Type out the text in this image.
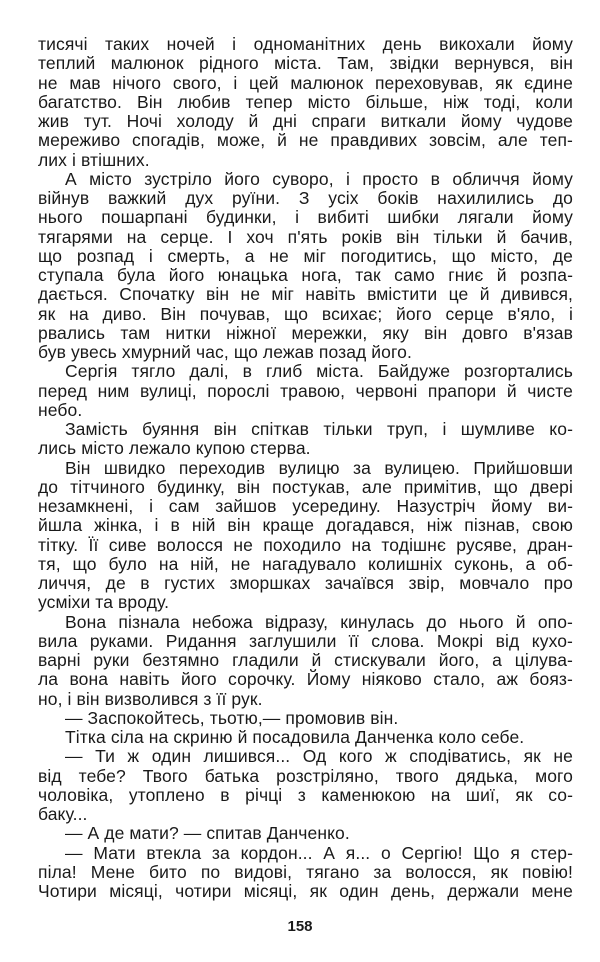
тисячі таких ночей і одноманітних день викохали йому
теплий малюнок рідного міста. Там, звідки вернувся, він
не мав нічого свого, і цей малюнок переховував, як єдине
багатство. Він любив тепер місто більше, ніж тоді, коли
жив тут. Ночі холоду й дні спраги виткали йому чудове
мереживо спогадів, може, й не правдивих зовсім, але теп-
лих і втішних.
А місто зустріло його суворо, і просто в обличчя йому
війнув важкий дух руїни. З усіх боків нахилились до
нього пошарпані будинки, і вибиті шибки лягали йому
тягарями на серце. І хоч п'ять років він тільки й бачив,
що розпад і смерть, а не міг погодитись, що місто, де
ступала була його юнацька нога, так само гниє й розпа-
дається. Спочатку він не міг навіть вмістити це й дивився,
як на диво. Він почував, що всихає; його серце в'яло, і
рвались там нитки ніжної мережки, яку він довго в'язав
був увесь хмурний час, що лежав позад його.
Сергія тягло далі, в глиб міста. Байдуже розгортались
перед ним вулиці, порослі травою, червоні прапори й чисте
небо.
Замість буяння він спіткав тільки труп, і шумливе ко-
лись місто лежало купою стерва.
Він швидко переходив вулицю за вулицею. Прийшовши
до тітчиного будинку, він постукав, але примітив, що двері
незамкнені, і сам зайшов усередину. Назустріч йому ви-
йшла жінка, і в ній він краще догадався, ніж пізнав, свою
тітку. Її сиве волосся не походило на тодішнє русяве, дран-
тя, що було на ній, не нагадувало колишніх суконь, а об-
личчя, де в густих зморшках зачаївся звір, мовчало про
усміхи та вроду.
Вона пізнала небожа відразу, кинулась до нього й опо-
вила руками. Ридання заглушили її слова. Мокрі від кухо-
варні руки безтямно гладили й стискували його, а цілува-
ла вона навіть його сорочку. Йому ніяково стало, аж бояз-
но, і він визволився з її рук.
— Заспокойтесь, тьотю,— промовив він.
Тітка сіла на скриню й посадовила Данченка коло себе.
— Ти ж один лишився... Од кого ж сподіватись, як не
від тебе? Твого батька розстріляно, твого дядька, мого
чоловіка, утоплено в річці з каменюкою на шиї, як со-
баку...
— А де мати? — спитав Данченко.
— Мати втекла за кордон... А я... о Сергію! Що я стер-
піла! Мене бито по видові, тягано за волосся, як повію!
Чотири місяці, чотири місяці, як один день, держали мене
158
